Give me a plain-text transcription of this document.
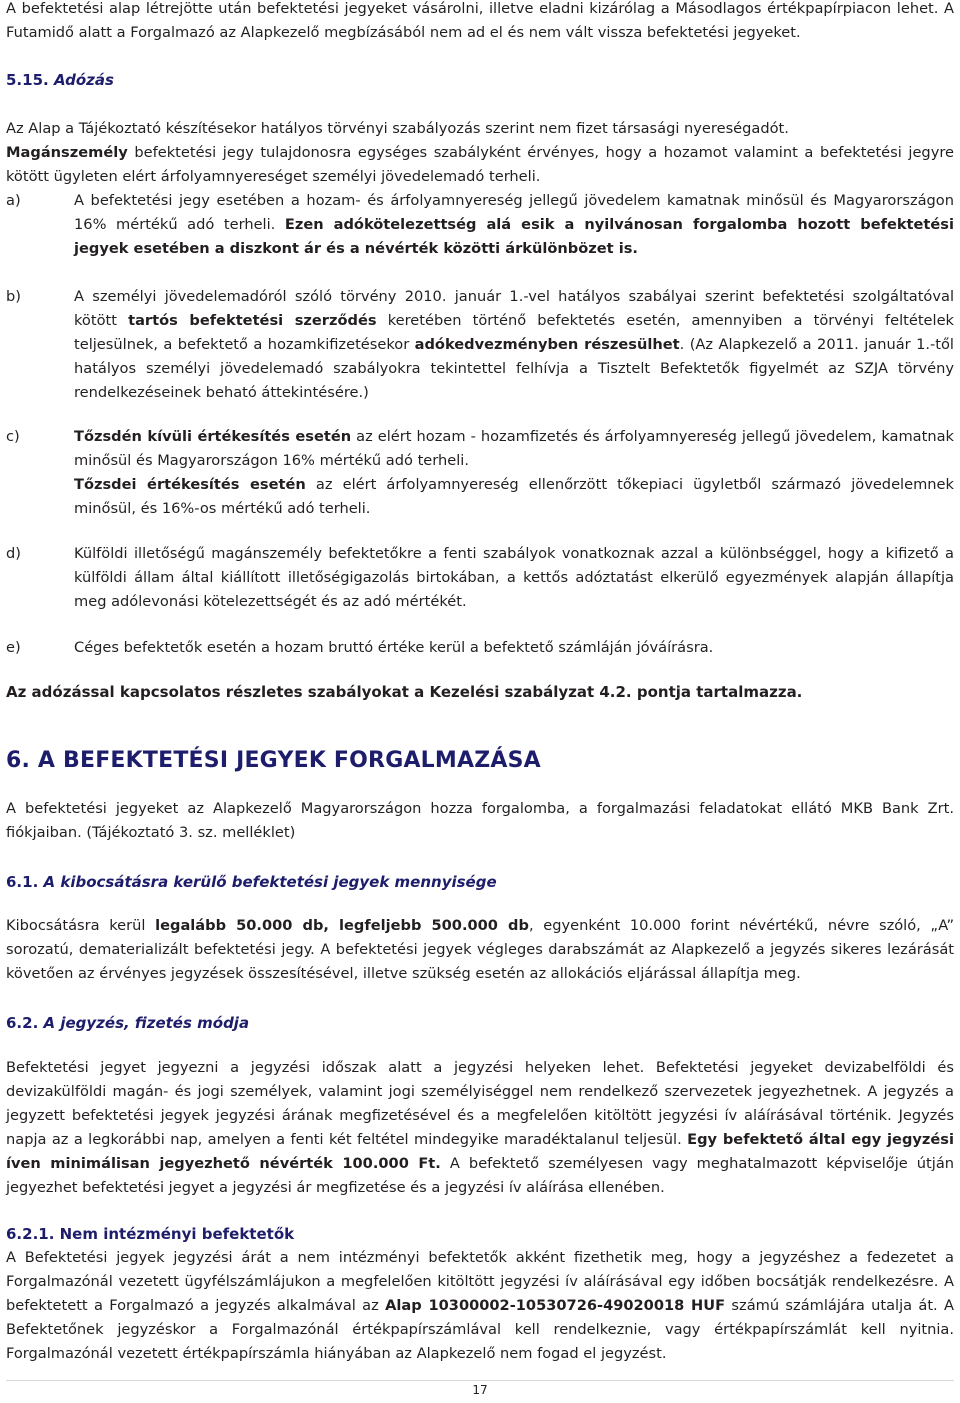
A befektetési alap létrejötte után befektetési jegyeket vásárolni, illetve eladni kizárólag a Másodlagos értékpapírpiacon lehet. A Futamidő alatt a Forgalmazó az Alapkezelő megbízásából nem ad el és nem vált vissza befektetési jegyeket.

5.15. Adózás

Az Alap a Tájékoztató készítésekor hatályos törvényi szabályozás szerint nem fizet társasági nyereségadót.

Magánszemély befektetési jegy tulajdonosra egységes szabályként érvényes, hogy a hozamot valamint a befektetési jegyre kötött ügyleten elért árfolyamnyereséget személyi jövedelemadó terheli.

a)	A befektetési jegy esetében a hozam- és árfolyamnyereség jellegű jövedelem kamatnak minősül és Magyarországon 16% mértékű adó terheli. Ezen adókötelezettség alá esik a nyilvánosan forgalomba hozott befektetési jegyek esetében a diszkont ár és a névérték közötti árkülönbözet is.
b)	A személyi jövedelemadóról szóló törvény 2010. január 1.-vel hatályos szabályai szerint befektetési szolgáltatóval kötött tartós befektetési szerződés keretében történő befektetés esetén, amennyiben a törvényi feltételek teljesülnek, a befektető a hozamkifizetésekor adókedvezményben részesülhet. (Az Alapkezelő a 2011. január 1.-től hatályos személyi jövedelemadó szabályokra tekintettel felhívja a Tisztelt Befektetők figyelmét az SZJA törvény rendelkezéseinek beható áttekintésére.)
c)	Tőzsdén kívüli értékesítés esetén az elért hozam - hozamfizetés és árfolyamnyereség jellegű jövedelem, kamatnak minősül és Magyarországon 16% mértékű adó terheli.
Tőzsdei értékesítés esetén az elért árfolyamnyereség ellenőrzött tőkepiaci ügyletből származó jövedelemnek minősül, és 16%-os mértékű adó terheli.
d)	Külföldi illetőségű magánszemély befektetőkre a fenti szabályok vonatkoznak azzal a különbséggel, hogy a kifizető a külföldi állam által kiállított illetőségigazolás birtokában, a kettős adóztatást elkerülő egyezmények alapján állapítja meg adólevonási kötelezettségét és az adó mértékét.
e)	Céges befektetők esetén a hozam bruttó értéke kerül a befektető számláján jóváírásra.

Az adózással kapcsolatos részletes szabályokat a Kezelési szabályzat 4.2. pontja tartalmazza.

6. A BEFEKTETÉSI JEGYEK FORGALMAZÁSA

A befektetési jegyeket az Alapkezelő Magyarországon hozza forgalomba, a forgalmazási feladatokat ellátó MKB Bank Zrt. fiókjaiban. (Tájékoztató 3. sz. melléklet)

6.1. A kibocsátásra kerülő befektetési jegyek mennyisége

Kibocsátásra kerül legalább 50.000 db, legfeljebb 500.000 db, egyenként 10.000 forint névértékű, névre szóló, „A” sorozatú, dematerializált befektetési jegy. A befektetési jegyek végleges darabszámát az Alapkezelő a jegyzés sikeres lezárását követően az érvényes jegyzések összesítésével, illetve szükség esetén az allokációs eljárással állapítja meg.

6.2. A jegyzés, fizetés módja

Befektetési jegyet jegyezni a jegyzési időszak alatt a jegyzési helyeken lehet. Befektetési jegyeket devizabelföldi és devizakülföldi magán- és jogi személyek, valamint jogi személyiséggel nem rendelkező szervezetek jegyezhetnek. A jegyzés a jegyzett befektetési jegyek jegyzési árának megfizetésével és a megfelelően kitöltött jegyzési ív aláírásával történik. Jegyzés napja az a legkorábbi nap, amelyen a fenti két feltétel mindegyike maradéktalanul teljesül. Egy befektető által egy jegyzési íven minimálisan jegyezhető névérték 100.000 Ft. A befektető személyesen vagy meghatalmazott képviselője útján jegyezhet befektetési jegyet a jegyzési ár megfizetése és a jegyzési ív aláírása ellenében.

6.2.1. Nem intézményi befektetők

A Befektetési jegyek jegyzési árát a nem intézményi befektetők akként fizethetik meg, hogy a jegyzéshez a fedezetet a Forgalmazónál vezetett ügyfélszámlájukon a megfelelően kitöltött jegyzési ív aláírásával egy időben bocsátják rendelkezésre. A befektetett a Forgalmazó a jegyzés alkalmával az Alap 10300002-10530726-49020018 HUF számú számlájára utalja át. A Befektetőnek jegyzéskor a Forgalmazónál értékpapírszámlával kell rendelkeznie, vagy értékpapírszámlát kell nyitnia. Forgalmazónál vezetett értékpapírszámla hiányában az Alapkezelő nem fogad el jegyzést.

17
